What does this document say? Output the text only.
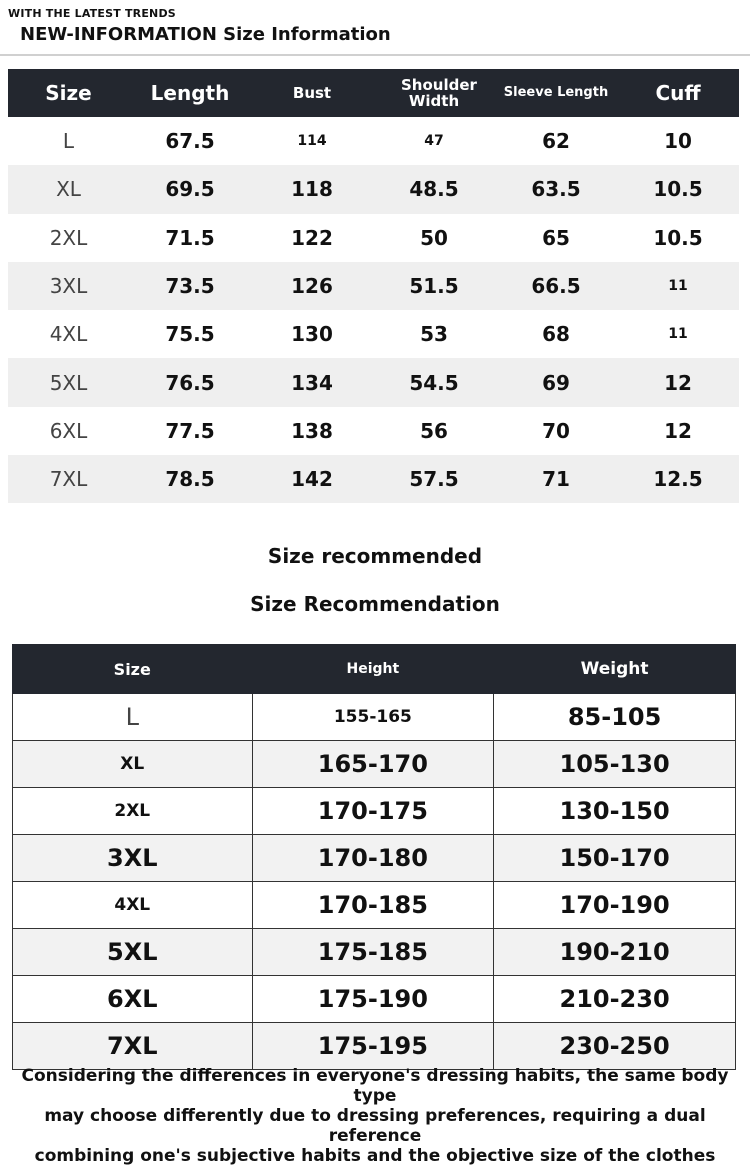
WITH THE LATEST TRENDS
NEW-INFORMATION Size Information
Size	Length	Bust	Shoulder Width	Sleeve Length	Cuff
L	67.5	114	47	62	10
XL	69.5	118	48.5	63.5	10.5
2XL	71.5	122	50	65	10.5
3XL	73.5	126	51.5	66.5	11
4XL	75.5	130	53	68	11
5XL	76.5	134	54.5	69	12
6XL	77.5	138	56	70	12
7XL	78.5	142	57.5	71	12.5
Size recommended
Size Recommendation
Size	Height	Weight
L	155-165	85-105
XL	165-170	105-130
2XL	170-175	130-150
3XL	170-180	150-170
4XL	170-185	170-190
5XL	175-185	190-210
6XL	175-190	210-230
7XL	175-195	230-250
Considering the differences in everyone's dressing habits, the same body type
may choose differently due to dressing preferences, requiring a dual reference
combining one's subjective habits and the objective size of the clothes
